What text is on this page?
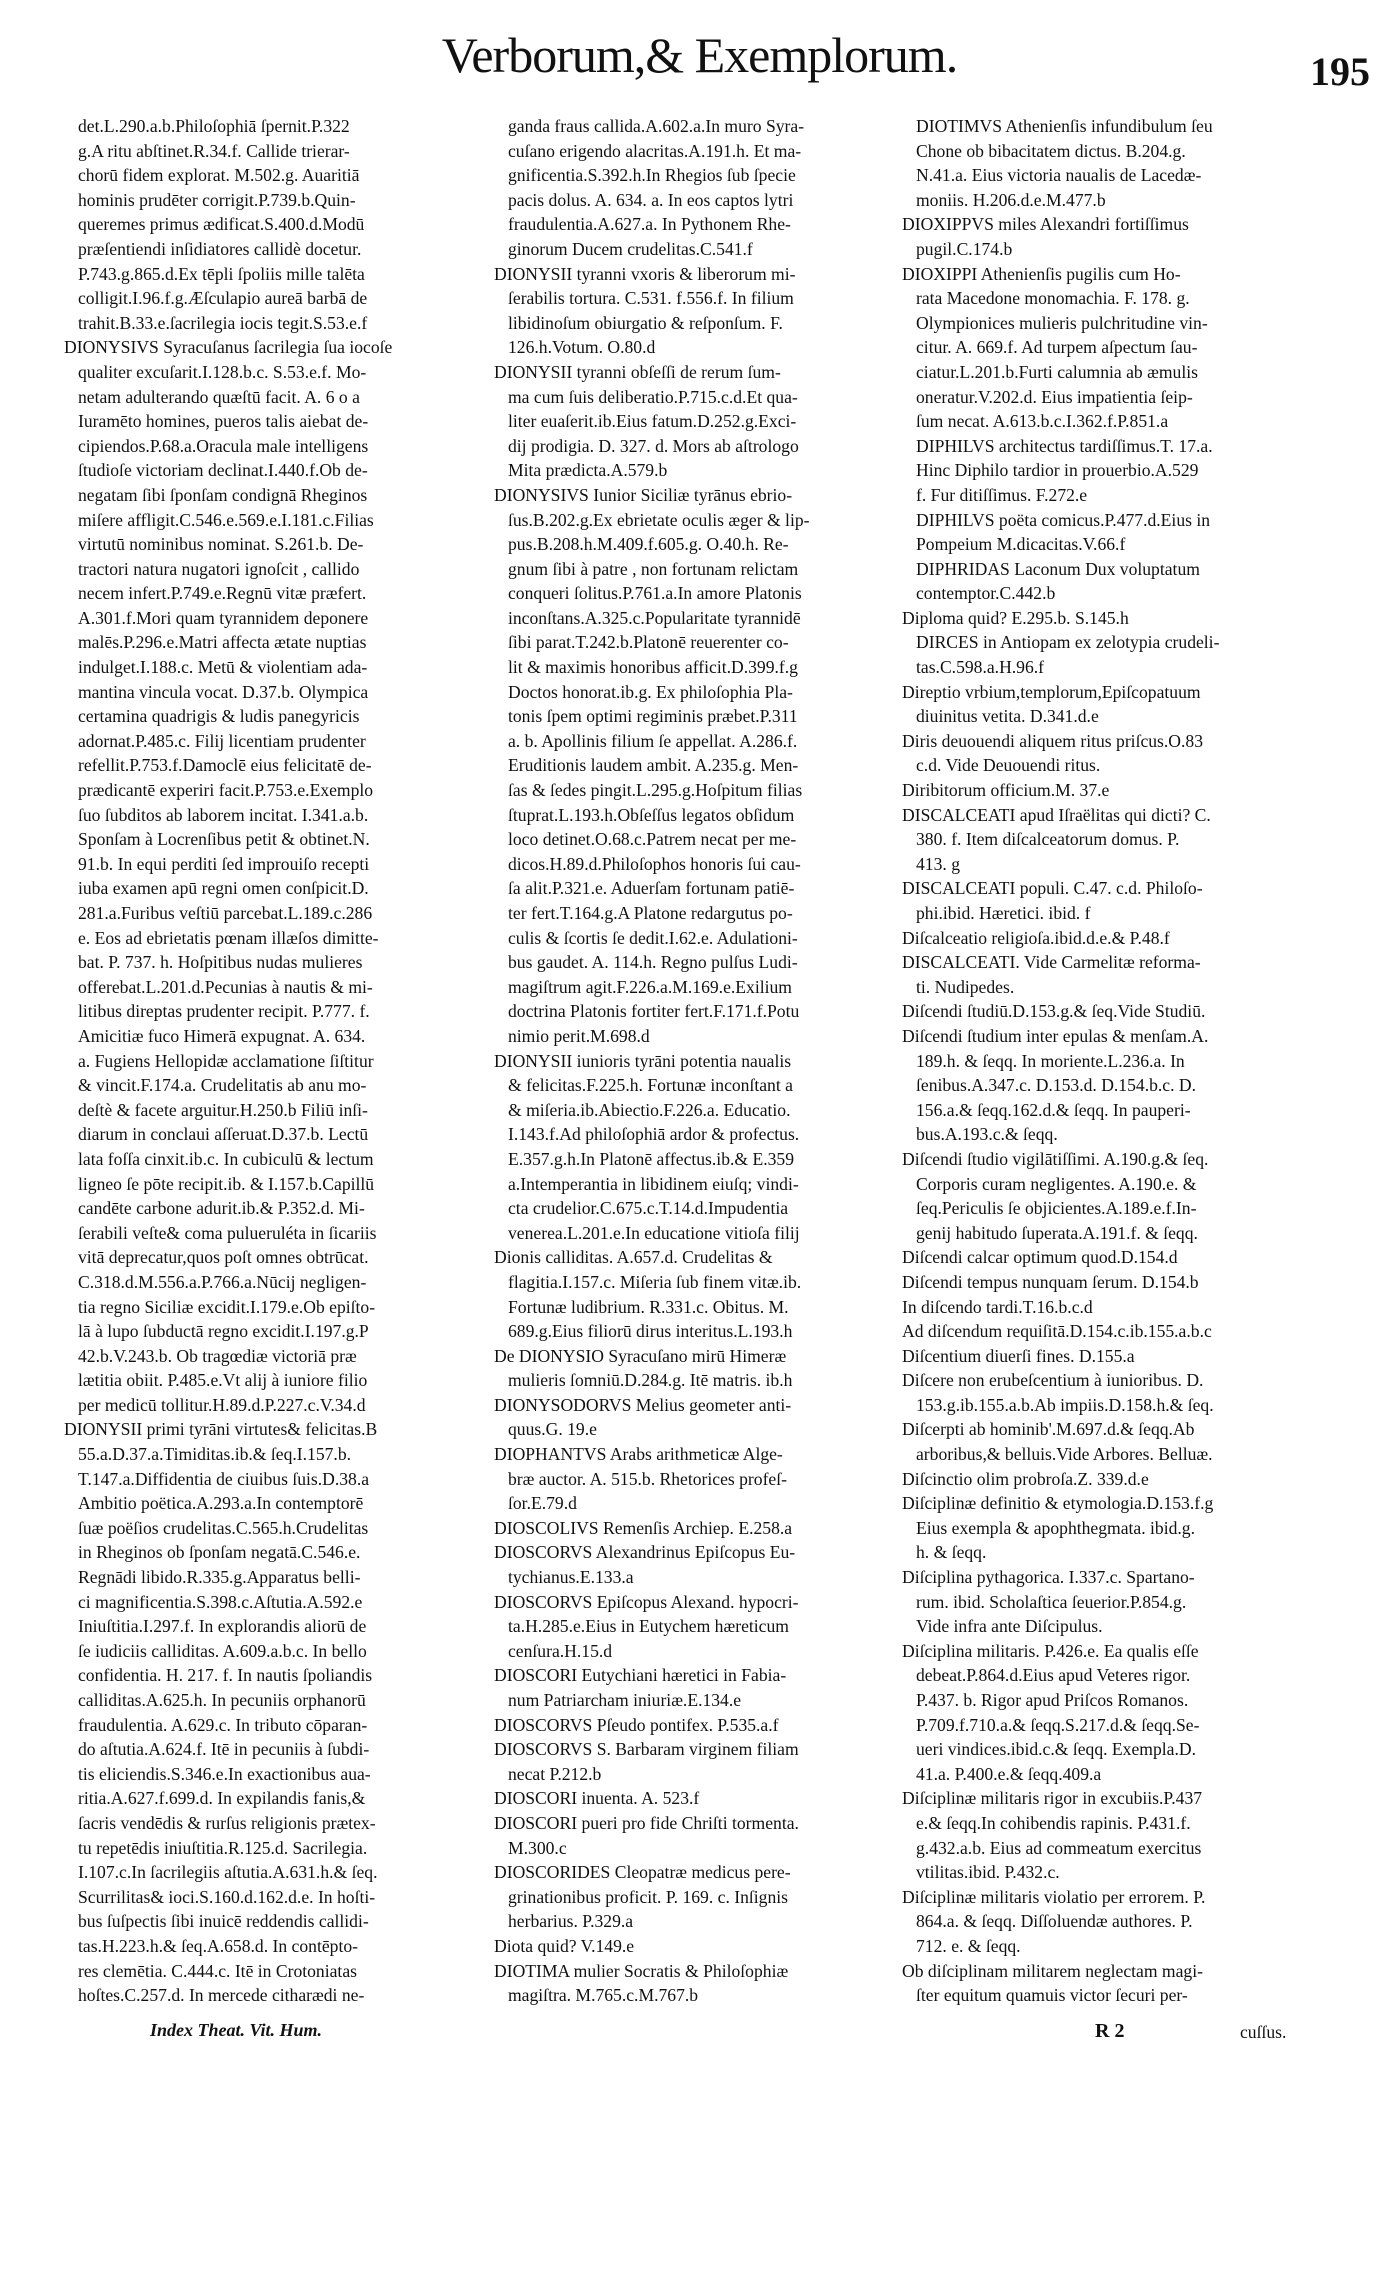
Verborum,& Exemplorum.	195
det.L.290.a.b.Philoſophiā ſpernit.P.322
g.A ritu abſtinet.R.34.f. Callide trierar-
chorū fidem explorat. M.502.g. Auaritiā
hominis prudēter corrigit.P.739.b.Quin-
queremes primus ædificat.S.400.d.Modū
præſentiendi inſidiatores callidè docetur.
P.743.g.865.d.Ex tēpli ſpoliis mille talēta
colligit.I.96.f.g.Æſculapio aureā barbā de
trahit.B.33.e.ſacrilegia iocis tegit.S.53.e.f
DIONYSIVS Syracuſanus ſacrilegia ſua iocoſe
qualiter excuſarit.I.128.b.c. S.53.e.f. Mo-
netam adulterando quæſtū facit. A. 6 o a
Iuramēto homines, pueros talis aiebat de-
cipiendos.P.68.a.Oracula male intelligens
ſtudioſe victoriam declinat.I.440.f.Ob de-
negatam ſibi ſponſam condignā Rheginos
miſere affligit.C.546.e.569.e.I.181.c.Filias
virtutū nominibus nominat. S.261.b. De-
tractori natura nugatori ignoſcit , callido
necem infert.P.749.e.Regnū vitæ præfert.
A.301.f.Mori quam tyrannidem deponere
malēs.P.296.e.Matri affecta ætate nuptias
indulget.I.188.c. Metū & violentiam ada-
mantina vincula vocat. D.37.b. Olympica
certamina quadrigis & ludis panegyricis
adornat.P.485.c. Filij licentiam prudenter
refellit.P.753.f.Damoclē eius felicitatē de-
prædicantē experiri facit.P.753.e.Exemplo
ſuo ſubditos ab laborem incitat. I.341.a.b.
Sponſam à Locrenſibus petit & obtinet.N.
91.b. In equi perditi ſed improuiſo recepti
iuba examen apū regni omen conſpicit.D.
281.a.Furibus veſtiū parcebat.L.189.c.286
e. Eos ad ebrietatis pœnam illæſos dimitte-
bat. P. 737. h. Hoſpitibus nudas mulieres
offerebat.L.201.d.Pecunias à nautis & mi-
litibus direptas prudenter recipit. P.777. f.
Amicitiæ fuco Himerā expugnat. A. 634.
a. Fugiens Hellopidæ acclamatione ſiſtitur
& vincit.F.174.a. Crudelitatis ab anu mo-
deſtè & facete arguitur.H.250.b Filiū inſi-
diarum in conclaui aſſeruat.D.37.b. Lectū
lata foſſa cinxit.ib.c. In cubiculū & lectum
ligneo ſe pōte recipit.ib. & I.157.b.Capillū
candēte carbone adurit.ib.& P.352.d. Mi-
ſerabili veſte& coma pulueruléta in ſicariis
vitā deprecatur,quos poſt omnes obtrūcat.
C.318.d.M.556.a.P.766.a.Nūcij negligen-
tia regno Siciliæ excidit.I.179.e.Ob epiſto-
lā à lupo ſubductā regno excidit.I.197.g.P
42.b.V.243.b. Ob tragœdiæ victoriā præ
lætitia obiit. P.485.e.Vt alij à iuniore filio
per medicū tollitur.H.89.d.P.227.c.V.34.d
DIONYSII primi tyrāni virtutes& felicitas.B
55.a.D.37.a.Timiditas.ib.& ſeq.I.157.b.
T.147.a.Diffidentia de ciuibus ſuis.D.38.a
Ambitio poëtica.A.293.a.In contemptorē
ſuæ poëſios crudelitas.C.565.h.Crudelitas
in Rheginos ob ſponſam negatā.C.546.e.
Regnādi libido.R.335.g.Apparatus belli-
ci magnificentia.S.398.c.Aſtutia.A.592.e
Iniuſtitia.I.297.f. In explorandis aliorū de
ſe iudiciis calliditas. A.609.a.b.c. In bello
confidentia. H. 217. f. In nautis ſpoliandis
calliditas.A.625.h. In pecuniis orphanorū
fraudulentia. A.629.c. In tributo cōparan-
do aſtutia.A.624.f. Itē in pecuniis à ſubdi-
tis eliciendis.S.346.e.In exactionibus aua-
ritia.A.627.f.699.d. In expilandis fanis,&
ſacris vendēdis & rurſus religionis prætex-
tu repetēdis iniuſtitia.R.125.d. Sacrilegia.
I.107.c.In ſacrilegiis aſtutia.A.631.h.& ſeq.
Scurrilitas& ioci.S.160.d.162.d.e. In hoſti-
bus ſuſpectis ſibi inuicē reddendis callidi-
tas.H.223.h.& ſeq.A.658.d. In contēpto-
res clemētia. C.444.c. Itē in Crotoniatas
hoſtes.C.257.d. In mercede citharædi ne-
ganda fraus callida.A.602.a.In muro Syra-
cuſano erigendo alacritas.A.191.h. Et ma-
gnificentia.S.392.h.In Rhegios ſub ſpecie
pacis dolus. A. 634. a. In eos captos lytri
fraudulentia.A.627.a. In Pythonem Rhe-
ginorum Ducem crudelitas.C.541.f
DIONYSII tyranni vxoris & liberorum mi-
ſerabilis tortura. C.531. f.556.f. In filium
libidinoſum obiurgatio & reſponſum. F.
126.h.Votum. O.80.d
DIONYSII tyranni obſeſſi de rerum ſum-
ma cum ſuis deliberatio.P.715.c.d.Et qua-
liter euaſerit.ib.Eius fatum.D.252.g.Exci-
dij prodigia. D. 327. d. Mors ab aſtrologo
Mita prædicta.A.579.b
DIONYSIVS Iunior Siciliæ tyrānus ebrio-
ſus.B.202.g.Ex ebrietate oculis æger & lip-
pus.B.208.h.M.409.f.605.g. O.40.h. Re-
gnum ſibi à patre , non fortunam relictam
conqueri ſolitus.P.761.a.In amore Platonis
inconſtans.A.325.c.Popularitate tyrannidē
ſibi parat.T.242.b.Platonē reuerenter co-
lit & maximis honoribus afficit.D.399.f.g
Doctos honorat.ib.g. Ex philoſophia Pla-
tonis ſpem optimi regiminis præbet.P.311
a. b. Apollinis filium ſe appellat. A.286.f.
Eruditionis laudem ambit. A.235.g. Men-
ſas & ſedes pingit.L.295.g.Hoſpitum filias
ſtuprat.L.193.h.Obſeſſus legatos obſidum
loco detinet.O.68.c.Patrem necat per me-
dicos.H.89.d.Philoſophos honoris ſui cau-
ſa alit.P.321.e. Aduerſam fortunam patiē-
ter fert.T.164.g.A Platone redargutus po-
culis & ſcortis ſe dedit.I.62.e. Adulationi-
bus gaudet. A. 114.h. Regno pulſus Ludi-
magiſtrum agit.F.226.a.M.169.e.Exilium
doctrina Platonis fortiter fert.F.171.f.Potu
nimio perit.M.698.d
DIONYSII iunioris tyrāni potentia naualis
& felicitas.F.225.h. Fortunæ inconſtant a
& miſeria.ib.Abiectio.F.226.a. Educatio.
I.143.f.Ad philoſophiā ardor & profectus.
E.357.g.h.In Platonē affectus.ib.& E.359
a.Intemperantia in libidinem eiuſq; vindi-
cta crudelior.C.675.c.T.14.d.Impudentia
venerea.L.201.e.In educatione vitioſa filij
Dionis calliditas. A.657.d. Crudelitas &
flagitia.I.157.c. Miſeria ſub finem vitæ.ib.
Fortunæ ludibrium. R.331.c. Obitus. M.
689.g.Eius filiorū dirus interitus.L.193.h
De DIONYSIO Syracuſano mirū Himeræ
mulieris ſomniū.D.284.g. Itē matris. ib.h
DIONYSODORVS Melius geometer anti-
quus.G. 19.e
DIOPHANTVS Arabs arithmeticæ Alge-
bræ auctor. A. 515.b. Rhetorices profeſ-
ſor.E.79.d
DIOSCOLIVS Remenſis Archiep. E.258.a
DIOSCORVS Alexandrinus Epiſcopus Eu-
tychianus.E.133.a
DIOSCORVS Epiſcopus Alexand. hypocri-
ta.H.285.e.Eius in Eutychem hæreticum
cenſura.H.15.d
DIOSCORI Eutychiani hæretici in Fabia-
num Patriarcham iniuriæ.E.134.e
DIOSCORVS Pſeudo pontifex. P.535.a.f
DIOSCORVS S. Barbaram virginem filiam
necat P.212.b
DIOSCORI inuenta. A. 523.f
DIOSCORI pueri pro fide Chriſti tormenta.
M.300.c
DIOSCORIDES Cleopatræ medicus pere-
grinationibus proficit. P. 169. c. Inſignis
herbarius. P.329.a
Diota quid? V.149.e
DIOTIMA mulier Socratis & Philoſophiæ
magiſtra. M.765.c.M.767.b
DIOTIMVS Athenienſis infundibulum ſeu
Chone ob bibacitatem dictus. B.204.g.
N.41.a. Eius victoria naualis de Lacedæ-
moniis. H.206.d.e.M.477.b
DIOXIPPVS miles Alexandri fortiſſimus
pugil.C.174.b
DIOXIPPI Athenienſis pugilis cum Ho-
rata Macedone monomachia. F. 178. g.
Olympionices mulieris pulchritudine vin-
citur. A. 669.f. Ad turpem aſpectum ſau-
ciatur.L.201.b.Furti calumnia ab æmulis
oneratur.V.202.d. Eius impatientia ſeip-
ſum necat. A.613.b.c.I.362.f.P.851.a
DIPHILVS architectus tardiſſimus.T. 17.a.
Hinc Diphilo tardior in prouerbio.A.529
f. Fur ditiſſimus. F.272.e
DIPHILVS poëta comicus.P.477.d.Eius in
Pompeium M.dicacitas.V.66.f
DIPHRIDAS Laconum Dux voluptatum
contemptor.C.442.b
Diploma quid? E.295.b. S.145.h
DIRCES in Antiopam ex zelotypia crudeli-
tas.C.598.a.H.96.f
Direptio vrbium,templorum,Epiſcopatuum
diuinitus vetita. D.341.d.e
Diris deuouendi aliquem ritus priſcus.O.83
c.d. Vide Deuouendi ritus.
Diribitorum officium.M. 37.e
DISCALCEATI apud Iſraëlitas qui dicti? C.
380. f. Item diſcalceatorum domus. P.
413. g
DISCALCEATI populi. C.47. c.d. Philoſo-
phi.ibid. Hæretici. ibid. f
Diſcalceatio religioſa.ibid.d.e.& P.48.f
DISCALCEATI. Vide Carmelitæ reforma-
ti. Nudipedes.
Diſcendi ſtudiū.D.153.g.& ſeq.Vide Studiū.
Diſcendi ſtudium inter epulas & menſam.A.
189.h. & ſeqq. In moriente.L.236.a. In
ſenibus.A.347.c. D.153.d. D.154.b.c. D.
156.a.& ſeqq.162.d.& ſeqq. In pauperi-
bus.A.193.c.& ſeqq.
Diſcendi ſtudio vigilātiſſimi. A.190.g.& ſeq.
Corporis curam negligentes. A.190.e. &
ſeq.Periculis ſe objicientes.A.189.e.f.In-
genij habitudo ſuperata.A.191.f. & ſeqq.
Diſcendi calcar optimum quod.D.154.d
Diſcendi tempus nunquam ſerum. D.154.b
In diſcendo tardi.T.16.b.c.d
Ad diſcendum requiſitā.D.154.c.ib.155.a.b.c
Diſcentium diuerſi fines. D.155.a
Diſcere non erubeſcentium à iunioribus. D.
153.g.ib.155.a.b.Ab impiis.D.158.h.& ſeq.
Diſcerpti ab hominib'.M.697.d.& ſeqq.Ab
arboribus,& belluis.Vide Arbores. Belluæ.
Diſcinctio olim probroſa.Z. 339.d.e
Diſciplinæ definitio & etymologia.D.153.f.g
Eius exempla & apophthegmata. ibid.g.
h. & ſeqq.
Diſciplina pythagorica. I.337.c. Spartano-
rum. ibid. Scholaſtica ſeuerior.P.854.g.
Vide infra ante Diſcipulus.
Diſciplina militaris. P.426.e. Ea qualis eſſe
debeat.P.864.d.Eius apud Veteres rigor.
P.437. b. Rigor apud Priſcos Romanos.
P.709.f.710.a.& ſeqq.S.217.d.& ſeqq.Se-
ueri vindices.ibid.c.& ſeqq. Exempla.D.
41.a. P.400.e.& ſeqq.409.a
Diſciplinæ militaris rigor in excubiis.P.437
e.& ſeqq.In cohibendis rapinis. P.431.f.
g.432.a.b. Eius ad commeatum exercitus
vtilitas.ibid. P.432.c.
Diſciplinæ militaris violatio per errorem. P.
864.a. & ſeqq. Diſſoluendæ authores. P.
712. e. & ſeqq.
Ob diſciplinam militarem neglectam magi-
ſter equitum quamuis victor ſecuri per-
Index Theat. Vit. Hum.	R 2	cuſſus.
